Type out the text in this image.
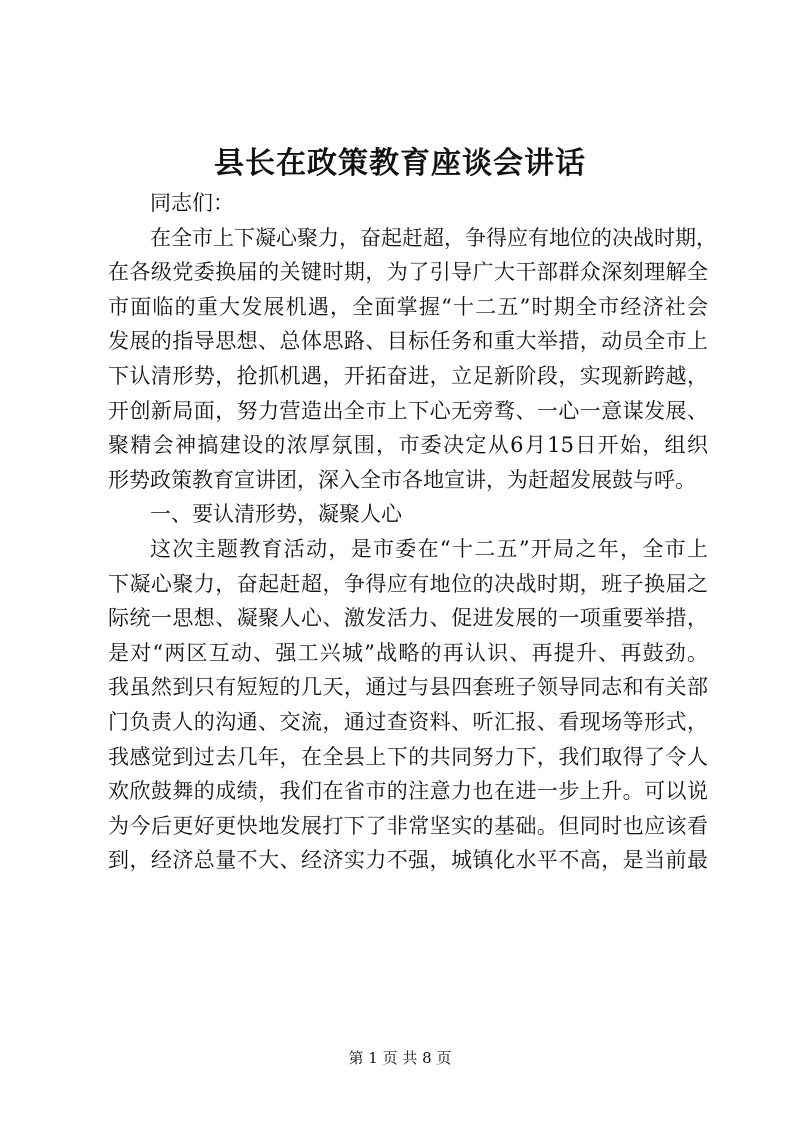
县长在政策教育座谈会讲话
同志们：
在全市上下凝心聚力，奋起赶超，争得应有地位的决战时期，
在各级党委换届的关键时期，为了引导广大干部群众深刻理解全
市面临的重大发展机遇，全面掌握“十二五”时期全市经济社会
发展的指导思想、总体思路、目标任务和重大举措，动员全市上
下认清形势，抢抓机遇，开拓奋进，立足新阶段，实现新跨越，
开创新局面，努力营造出全市上下心无旁骛、一心一意谋发展、
聚精会神搞建设的浓厚氛围，市委决定从6月15日开始，组织
形势政策教育宣讲团，深入全市各地宣讲，为赶超发展鼓与呼。
一、要认清形势，凝聚人心
这次主题教育活动，是市委在“十二五”开局之年，全市上
下凝心聚力，奋起赶超，争得应有地位的决战时期，班子换届之
际统一思想、凝聚人心、激发活力、促进发展的一项重要举措，
是对“两区互动、强工兴城”战略的再认识、再提升、再鼓劲。
我虽然到只有短短的几天，通过与县四套班子领导同志和有关部
门负责人的沟通、交流，通过查资料、听汇报、看现场等形式，
我感觉到过去几年，在全县上下的共同努力下，我们取得了令人
欢欣鼓舞的成绩，我们在省市的注意力也在进一步上升。可以说
为今后更好更快地发展打下了非常坚实的基础。但同时也应该看
到，经济总量不大、经济实力不强，城镇化水平不高，是当前最
第 1 页 共 8 页
